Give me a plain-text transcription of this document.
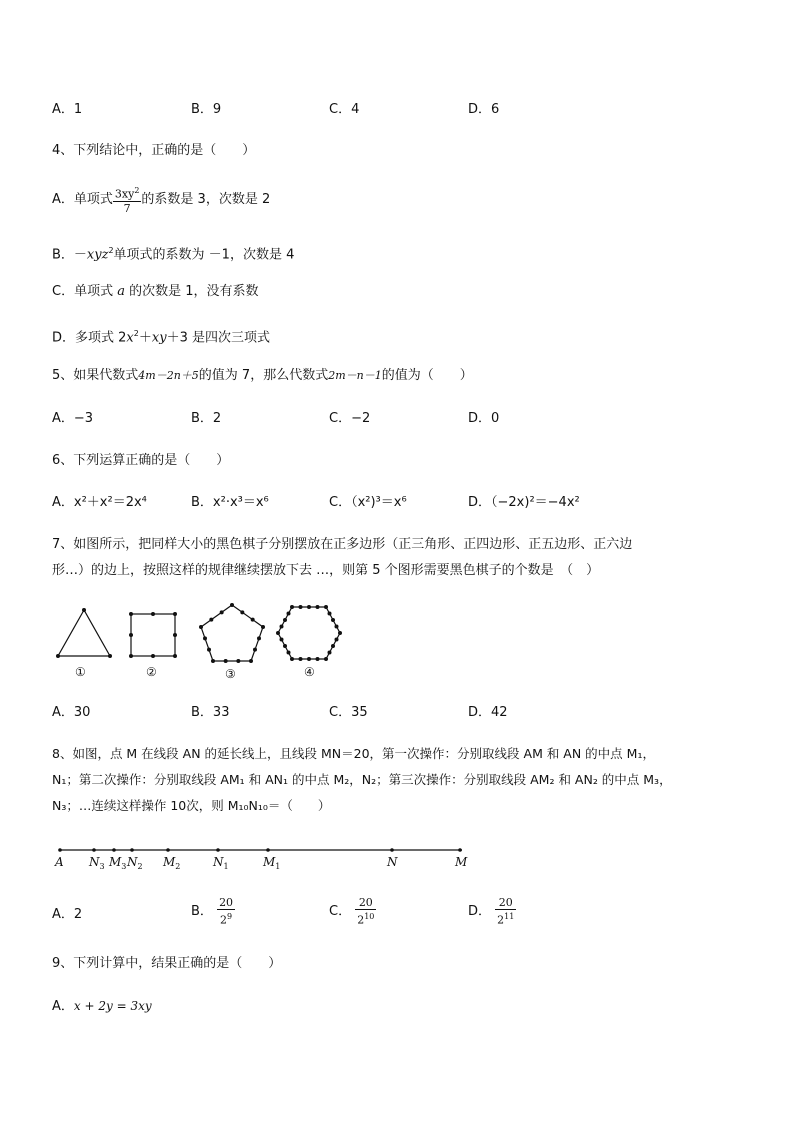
A．1	B．9	C．4	D．6
4、下列结论中，正确的是（　　）
A．单项式 $\frac{3xy^2}{7}$ 的系数是 3，次数是 2
B．－xyz$^2$单项式的系数为 －1，次数是 4
C．单项式 a 的次数是 1，没有系数
D．多项式 $2x^2+xy+3$ 是四次三项式
5、如果代数式4m－2n＋5的值为 7，那么代数式2m－n－1的值为（　　）
A．−3	B．2	C．−2	D．0
6、下列运算正确的是（　　）
A．x²＋x²＝2x⁴	B．x²·x³＝x⁶	C．（x²)³＝x⁶	D．（−2x)²＝−4x²
7、如图所示，把同样大小的黑色棋子分别摆放在正多边形（正三角形、正四边形、正五边形、正六边
形…）的边上，按照这样的规律继续摆放下去 …，则第 5 个图形需要黑色棋子的个数是　（　）
①	②	③	④
A．30	B．33	C．35	D．42
8、如图，点 M 在线段 AN 的延长线上，且线段 MN＝20，第一次操作：分别取线段 AM 和 AN 的中点 M₁，
N₁；第二次操作：分别取线段 AM₁ 和 AN₁ 的中点 M₂，N₂；第三次操作：分别取线段 AM₂ 和 AN₂ 的中点 M₃，
N₃；…连续这样操作 10次，则 M₁₀N₁₀＝（　　）
A $N_3$ $M_3$ $N_2$ $M_2$	$N_1$	$M_1$	N	M
A．2	B． $\frac{20}{2^9}$	C． $\frac{20}{2^{10}}$	D． $\frac{20}{2^{11}}$
9、下列计算中，结果正确的是（　　）
A．x + 2y = 3xy
